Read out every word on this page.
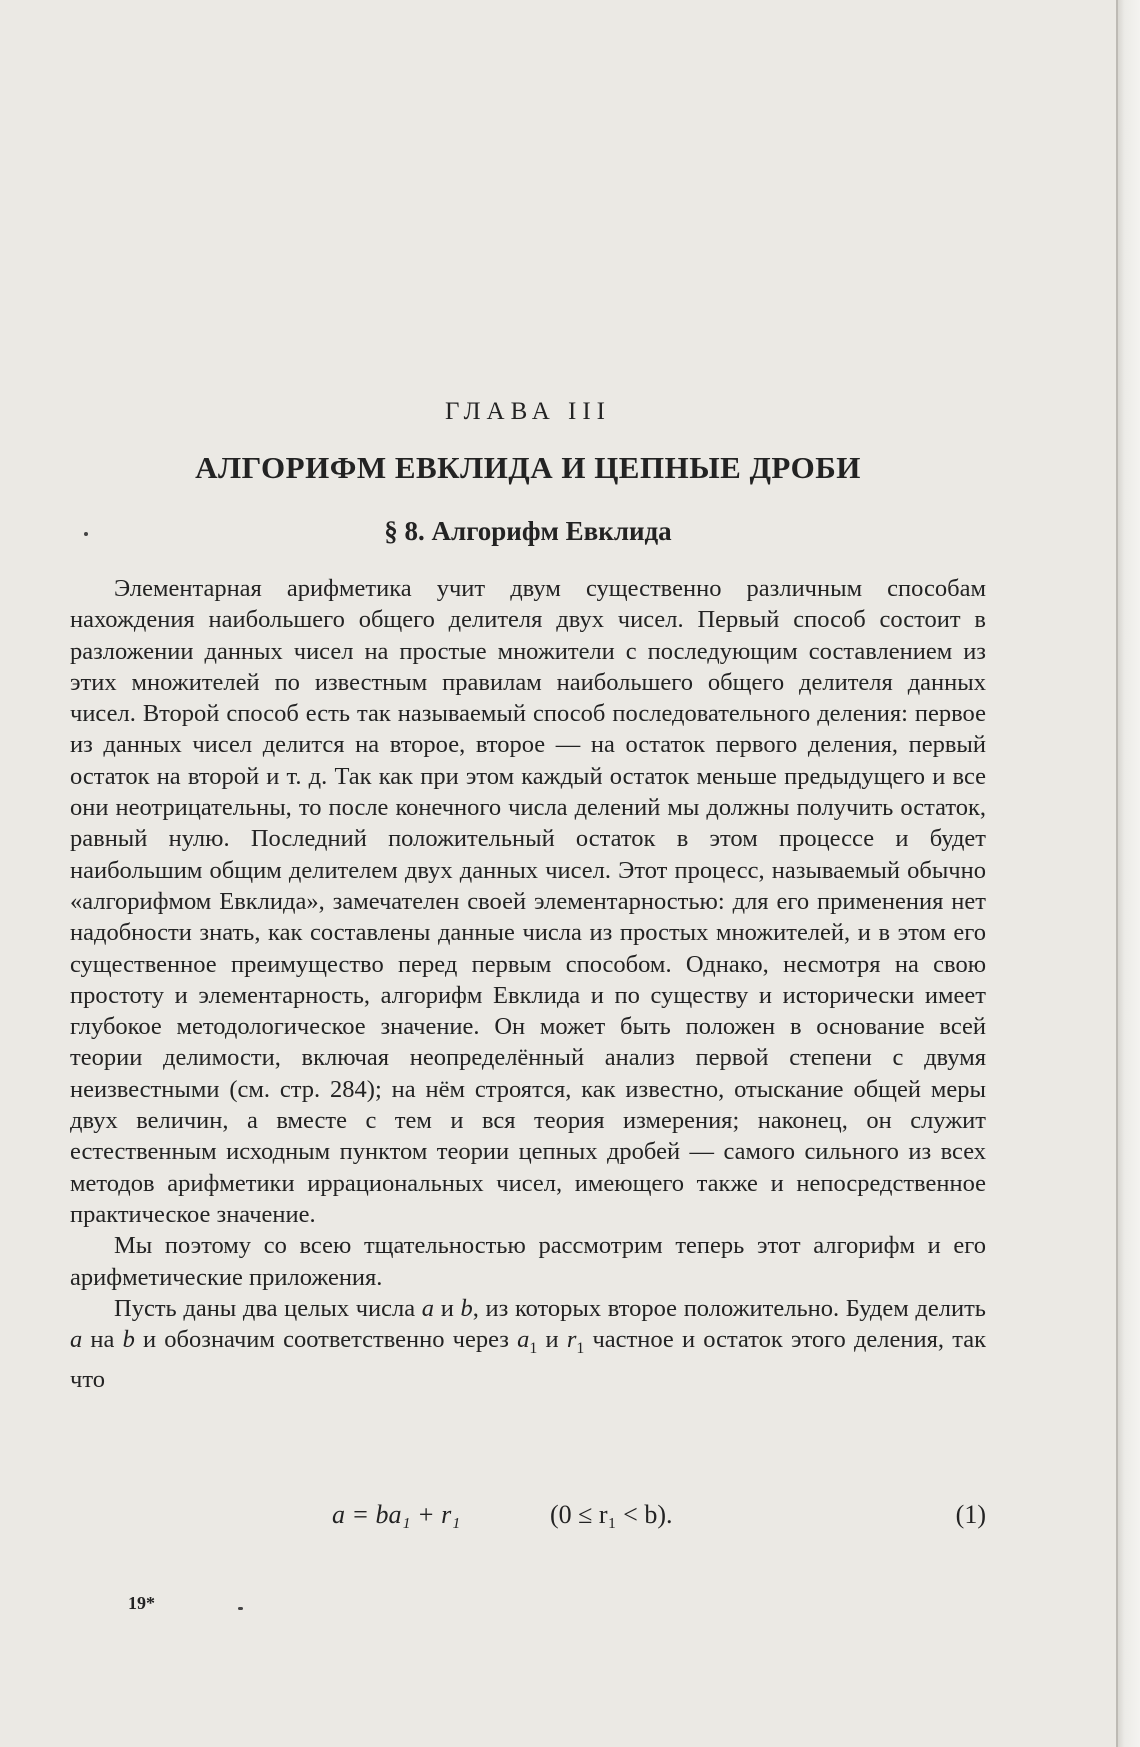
ГЛАВА III
АЛГОРИФМ ЕВКЛИДА И ЦЕПНЫЕ ДРОБИ
§ 8. Алгорифм Евклида

Элементарная арифметика учит двум существенно различным способам нахождения наибольшего общего делителя двух чисел. Первый способ состоит в разложении данных чисел на простые множители с последующим составлением из этих множителей по известным правилам наибольшего общего делителя данных чисел. Второй способ есть так называемый способ последовательного деления: первое из данных чисел делится на второе, второе — на остаток первого деления, первый остаток на второй и т. д. Так как при этом каждый остаток меньше предыдущего и все они неотрицательны, то после конечного числа делений мы должны получить остаток, равный нулю. Последний положительный остаток в этом процессе и будет наибольшим общим делителем двух данных чисел. Этот процесс, называемый обычно «алгорифмом Евклида», замечателен своей элементарностью: для его применения нет надобности знать, как составлены данные числа из простых множителей, и в этом его существенное преимущество перед первым способом. Однако, несмотря на свою простоту и элементарность, алгорифм Евклида и по существу и исторически имеет глубокое методологическое значение. Он может быть положен в основание всей теории делимости, включая неопределённый анализ первой степени с двумя неизвестными (см. стр. 284); на нём строятся, как известно, отыскание общей меры двух величин, а вместе с тем и вся теория измерения; наконец, он служит естественным исходным пунктом теории цепных дробей — самого сильного из всех методов арифметики иррациональных чисел, имеющего также и непосредственное практическое значение.

Мы поэтому со всею тщательностью рассмотрим теперь этот алгорифм и его арифметические приложения.

Пусть даны два целых числа a и b, из которых второе положительно. Будем делить a на b и обозначим соответственно через $a_1$ и $r_1$ частное и остаток этого деления, так что

a = ba₁ + r₁	(0 ≤ r₁ < b).	(1)
19*
